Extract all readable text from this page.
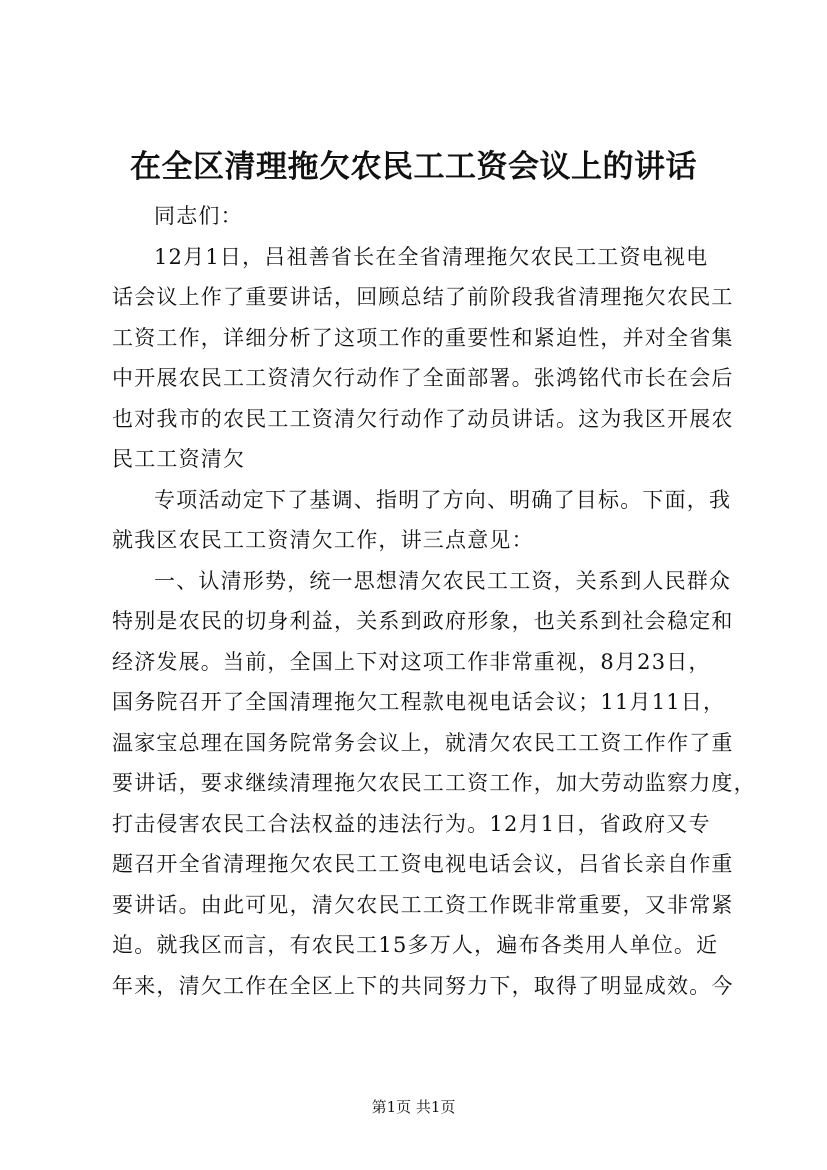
在全区清理拖欠农民工工资会议上的讲话

同志们：

12月1日，吕祖善省长在全省清理拖欠农民工工资电视电
话会议上作了重要讲话，回顾总结了前阶段我省清理拖欠农民工
工资工作，详细分析了这项工作的重要性和紧迫性，并对全省集
中开展农民工工资清欠行动作了全面部署。张鸿铭代市长在会后
也对我市的农民工工资清欠行动作了动员讲话。这为我区开展农
民工工资清欠

专项活动定下了基调、指明了方向、明确了目标。下面，我
就我区农民工工资清欠工作，讲三点意见：

一、认清形势，统一思想清欠农民工工资，关系到人民群众
特别是农民的切身利益，关系到政府形象，也关系到社会稳定和
经济发展。当前，全国上下对这项工作非常重视，8月23日，
国务院召开了全国清理拖欠工程款电视电话会议；11月11日，
温家宝总理在国务院常务会议上，就清欠农民工工资工作作了重
要讲话，要求继续清理拖欠农民工工资工作，加大劳动监察力度，
打击侵害农民工合法权益的违法行为。12月1日，省政府又专
题召开全省清理拖欠农民工工资电视电话会议，吕省长亲自作重
要讲话。由此可见，清欠农民工工资工作既非常重要，又非常紧
迫。就我区而言，有农民工15多万人，遍布各类用人单位。近
年来，清欠工作在全区上下的共同努力下，取得了明显成效。今

第1页 共1页
